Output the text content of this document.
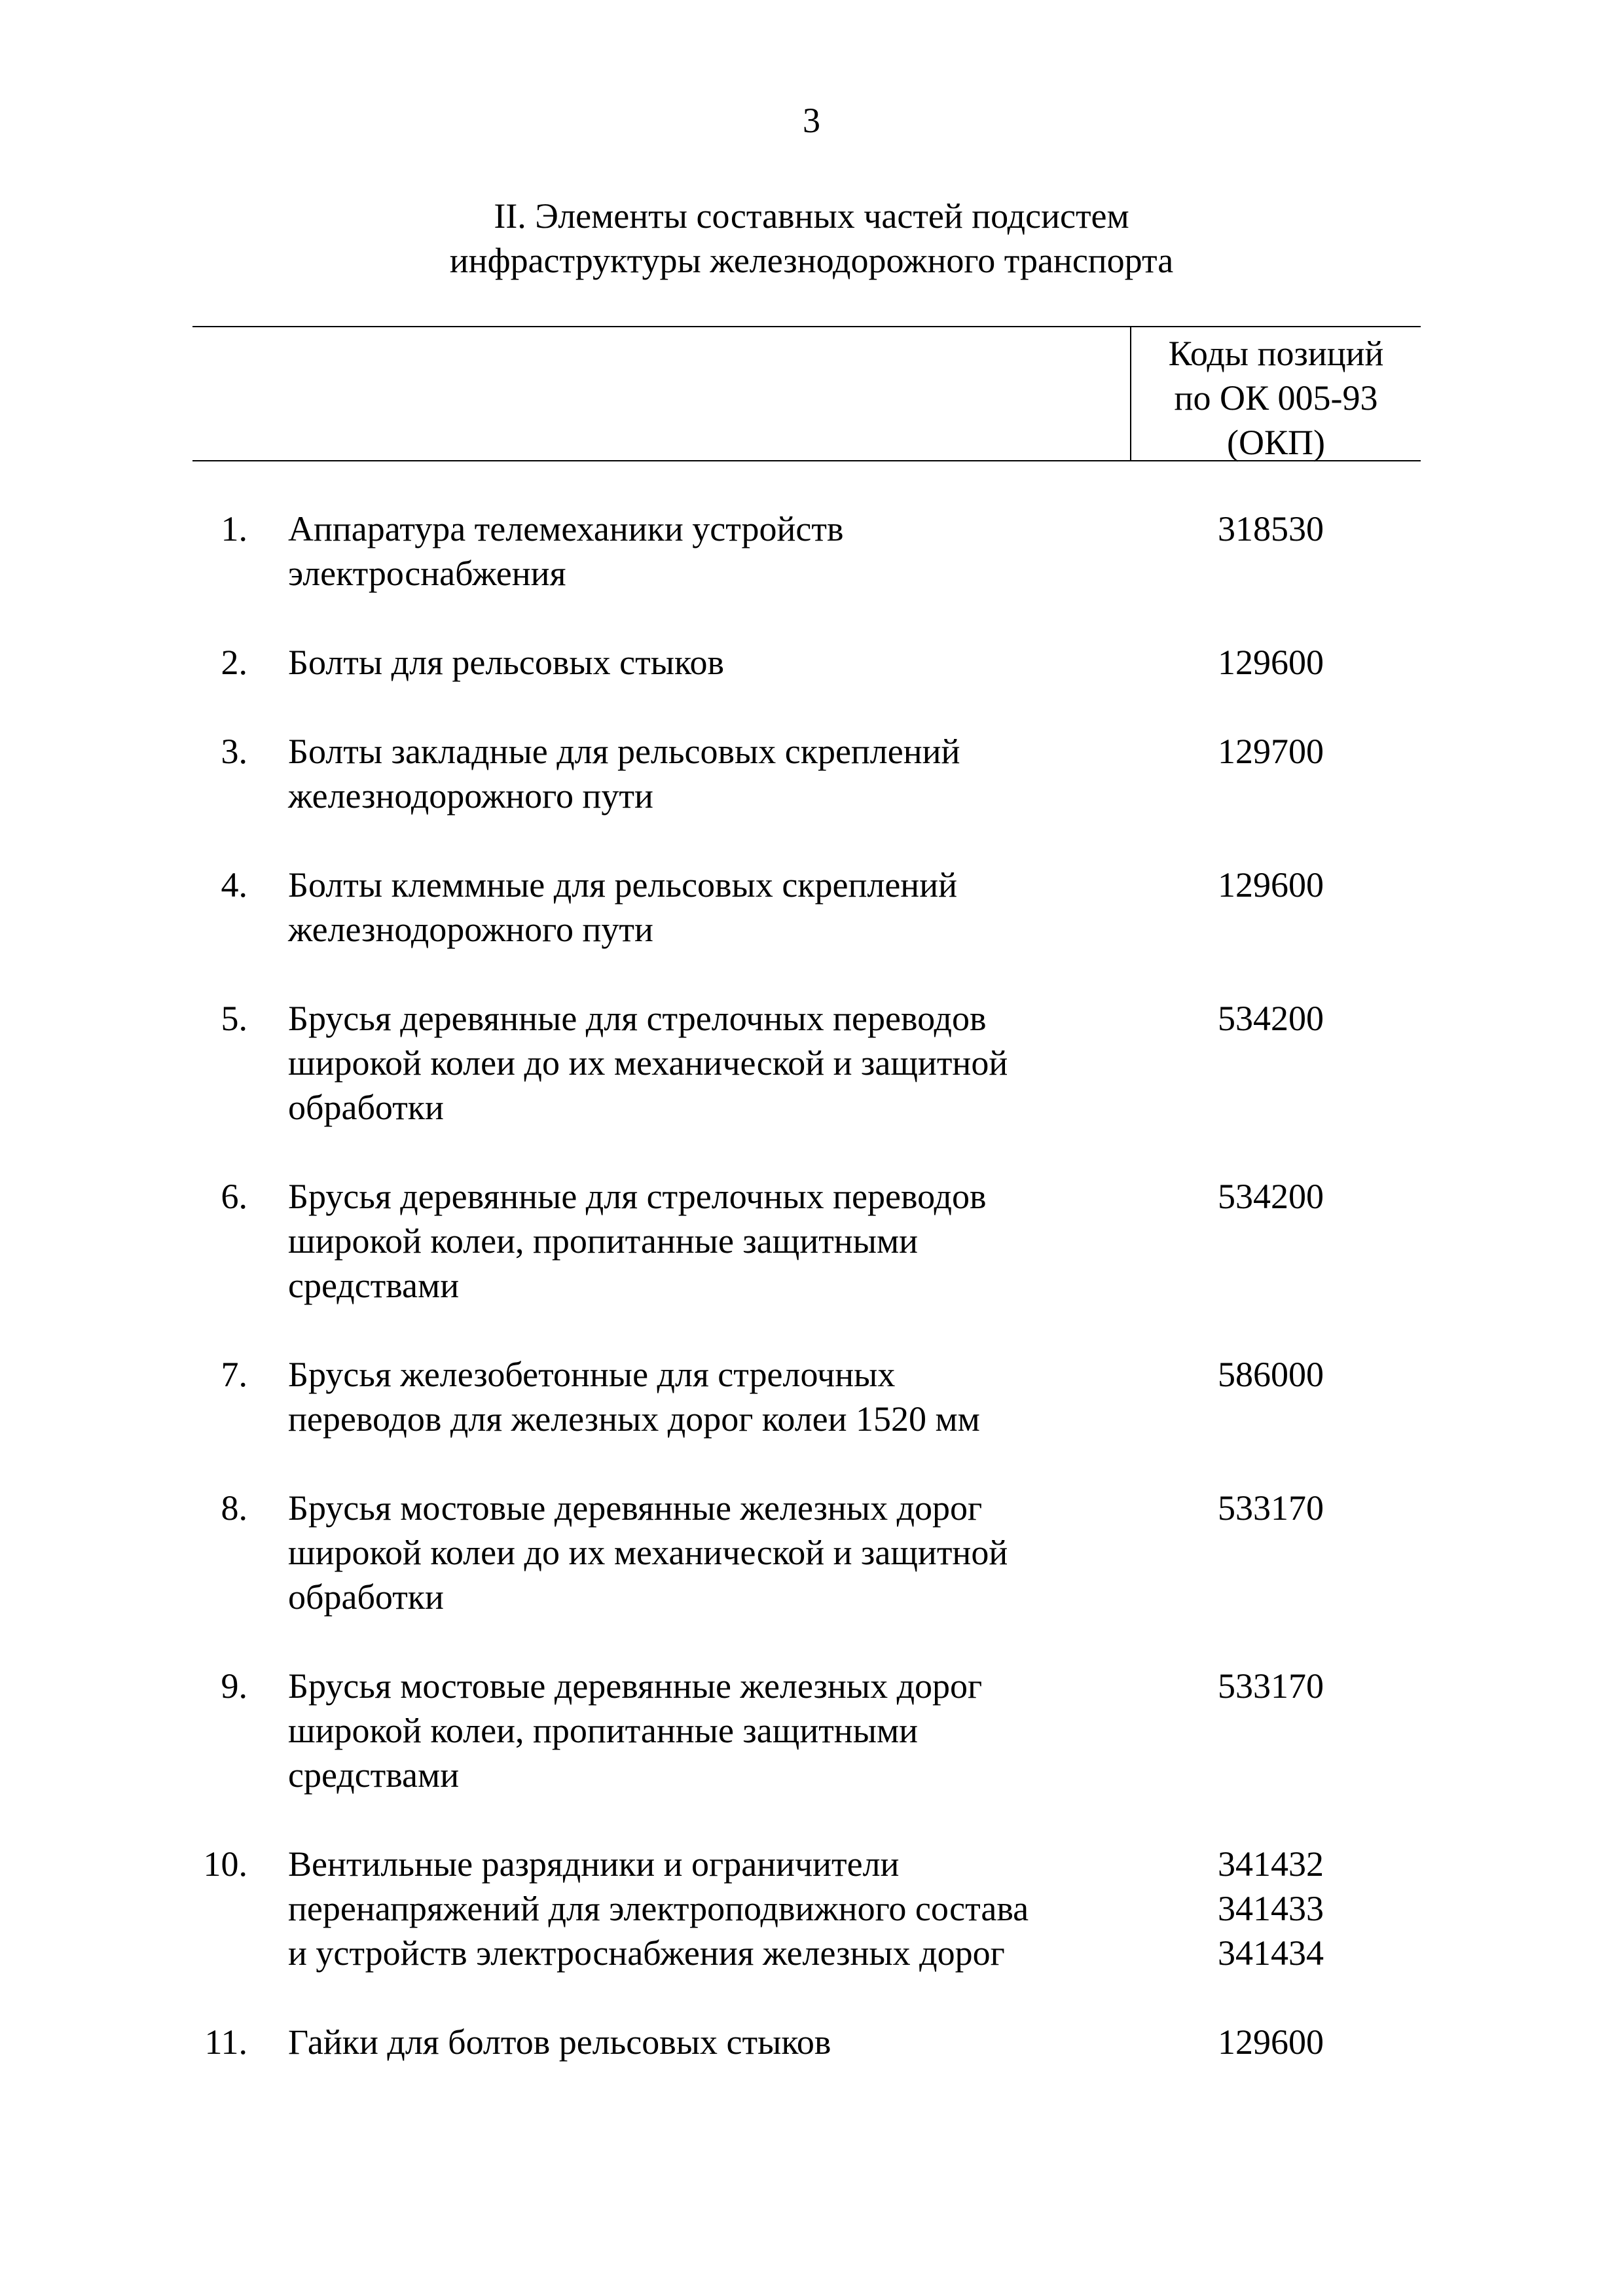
3
II. Элементы составных частей подсистем
инфраструктуры железнодорожного транспорта
Коды позиций
по ОК 005-93
(ОКП)
1. Аппаратура телемеханики устройств
электроснабжения
318530
2. Болты для рельсовых стыков	129600
3. Болты закладные для рельсовых скреплений
железнодорожного пути
129700
4. Болты клеммные для рельсовых скреплений
железнодорожного пути
129600
5. Брусья деревянные для стрелочных переводов
широкой колеи до их механической и защитной
обработки
534200
6. Брусья деревянные для стрелочных переводов
широкой колеи, пропитанные защитными
средствами
534200
7. Брусья железобетонные для стрелочных
переводов для железных дорог колеи 1520 мм
586000
8. Брусья мостовые деревянные железных дорог
широкой колеи до их механической и защитной
обработки
533170
9. Брусья мостовые деревянные железных дорог
широкой колеи, пропитанные защитными
средствами
533170
10. Вентильные разрядники и ограничители
перенапряжений для электроподвижного состава
и устройств электроснабжения железных дорог
341432
341433
341434
11. Гайки для болтов рельсовых стыков	129600
